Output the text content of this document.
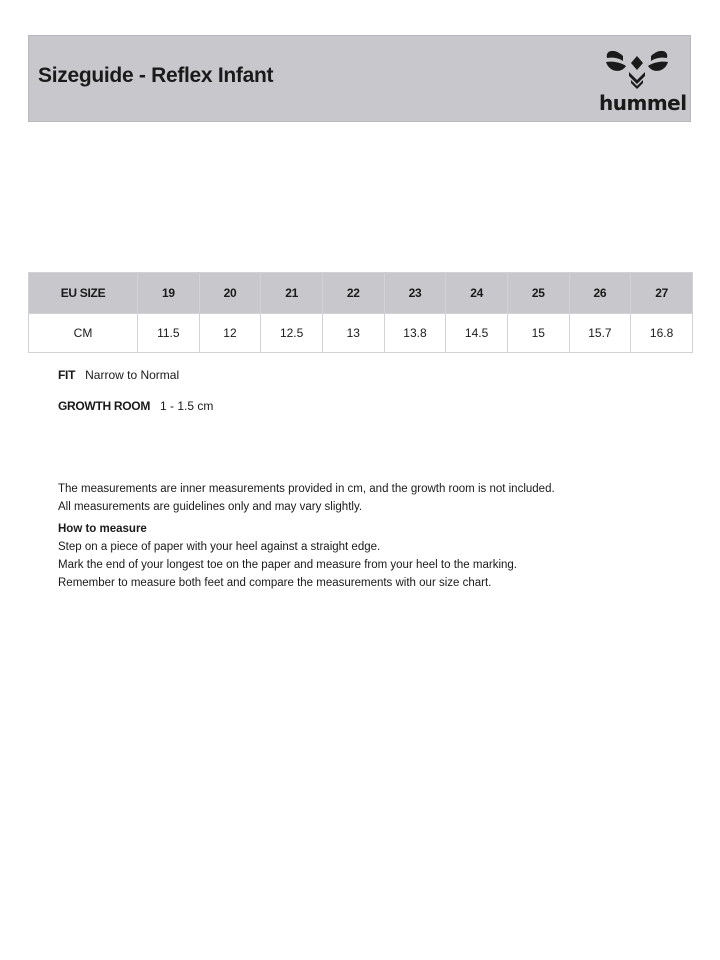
Sizeguide - Reflex Infant
hummel
EU SIZE	19	20	21	22	23	24	25	26	27
CM	11.5	12	12.5	13	13.8	14.5	15	15.7	16.8
FIT Narrow to Normal
GROWTH ROOM 1 - 1.5 cm

The measurements are inner measurements provided in cm, and the growth room is not included.

All measurements are guidelines only and may vary slightly.

How to measure

Step on a piece of paper with your heel against a straight edge.

Mark the end of your longest toe on the paper and measure from your heel to the marking.

Remember to measure both feet and compare the measurements with our size chart.
